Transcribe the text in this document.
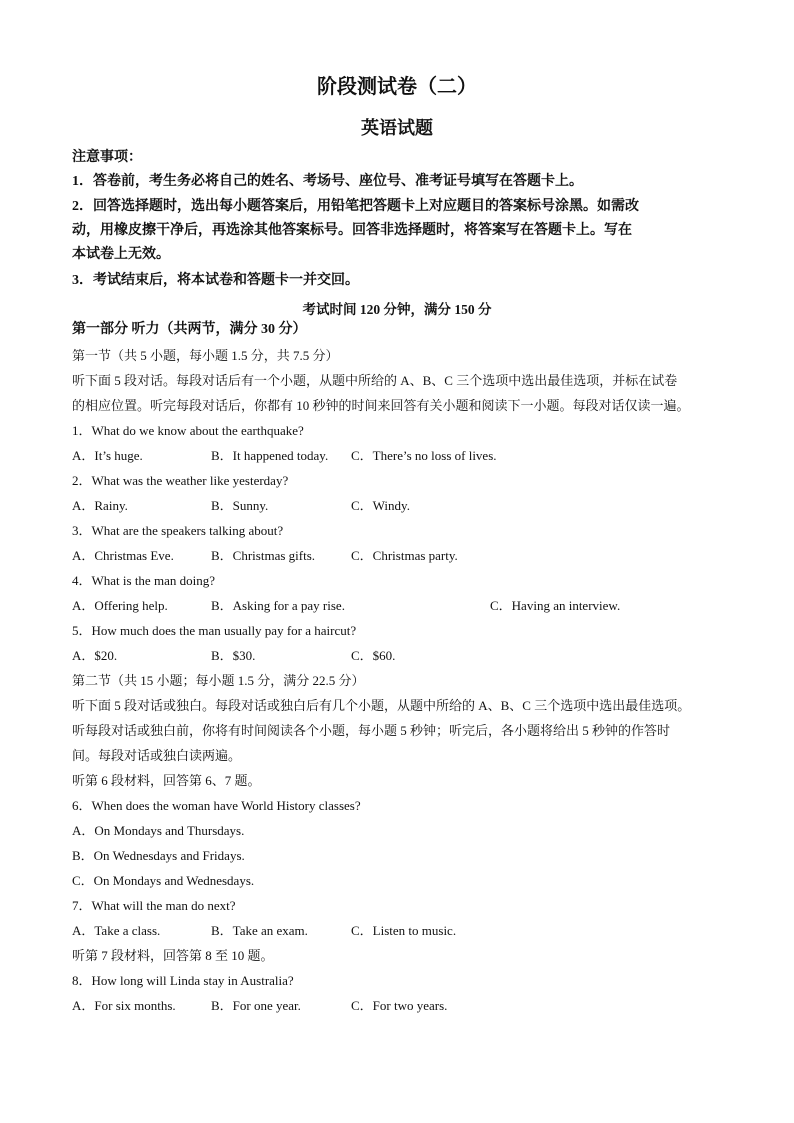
阶段测试卷（二）
英语试题
注意事项：
1．答卷前，考生务必将自己的姓名、考场号、座位号、准考证号填写在答题卡上。
2．回答选择题时，选出每小题答案后，用铅笔把答题卡上对应题目的答案标号涂黑。如需改
动，用橡皮擦干净后，再选涂其他答案标号。回答非选择题时，将答案写在答题卡上。写在
本试卷上无效。
3．考试结束后，将本试卷和答题卡一并交回。
考试时间 120 分钟，满分 150 分
第一部分 听力（共两节，满分 30 分）
第一节（共 5 小题，每小题 1.5 分，共 7.5 分）
听下面 5 段对话。每段对话后有一个小题，从题中所给的 A、B、C 三个选项中选出最佳选项，并标在试卷
的相应位置。听完每段对话后，你都有 10 秒钟的时间来回答有关小题和阅读下一小题。每段对话仅读一遍。
1．What do we know about the earthquake?
A．It’s huge.	B．It happened today. C．There’s no loss of lives.
2．What was the weather like yesterday?
A．Rainy.	B．Sunny.	C．Windy.
3．What are the speakers talking about?
A．Christmas Eve.	B．Christmas gifts.	C．Christmas party.
4．What is the man doing?
A．Offering help.	B．Asking for a pay rise.	C．Having an interview.
5．How much does the man usually pay for a haircut?
A．$20.	B．$30.	C．$60.
第二节（共 15 小题；每小题 1.5 分，满分 22.5 分）
听下面 5 段对话或独白。每段对话或独白后有几个小题，从题中所给的 A、B、C 三个选项中选出最佳选项。
听每段对话或独白前，你将有时间阅读各个小题，每小题 5 秒钟；听完后，各小题将给出 5 秒钟的作答时
间。每段对话或独白读两遍。
听第 6 段材料，回答第 6、7 题。
6．When does the woman have World History classes?
A．On Mondays and Thursdays.
B．On Wednesdays and Fridays.
C．On Mondays and Wednesdays.
7．What will the man do next?
A．Take a class.	B．Take an exam.	C．Listen to music.
听第 7 段材料，回答第 8 至 10 题。
8．How long will Linda stay in Australia?
A．For six months.	B．For one year.	C．For two years.
